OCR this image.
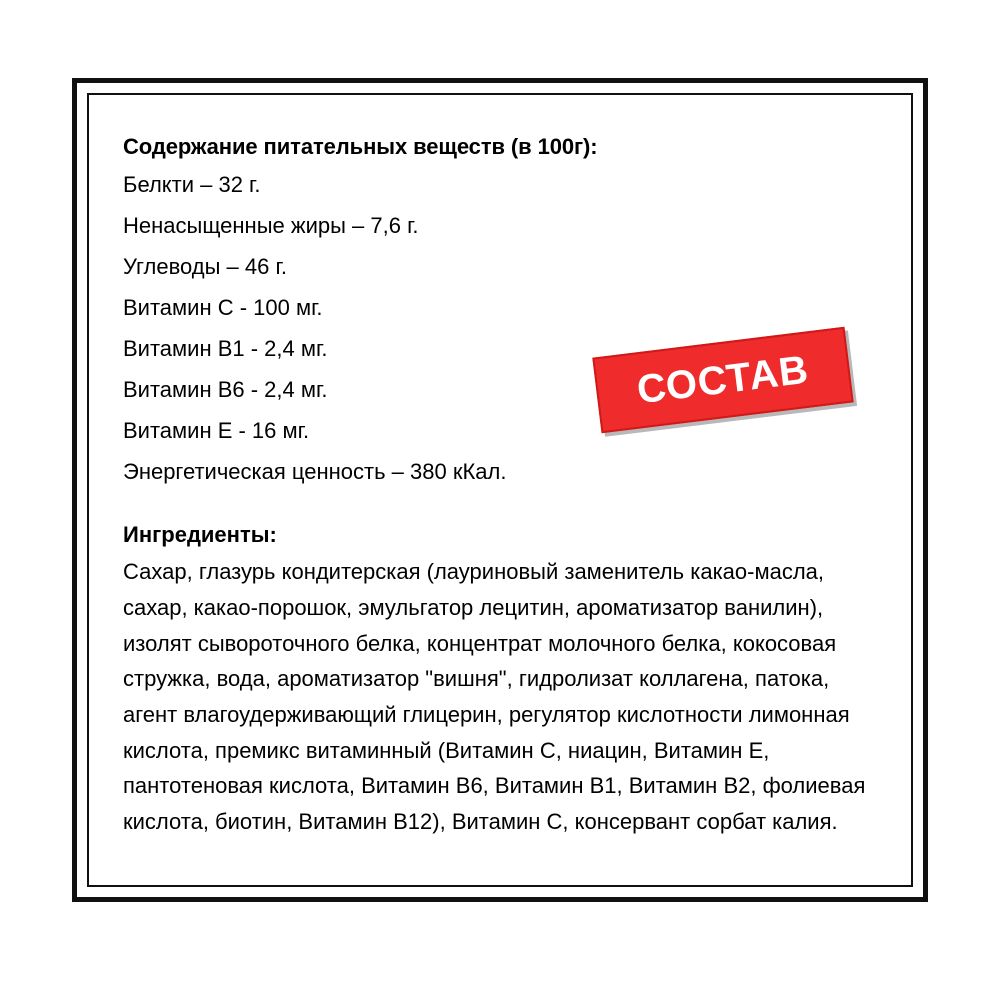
Содержание питательных веществ (в 100г):
Белкти – 32 г.
Ненасыщенные жиры – 7,6 г.
Углеводы – 46 г.
Витамин C - 100 мг.
Витамин B1 - 2,4 мг.
Витамин B6 - 2,4 мг.
Витамин E - 16 мг.
Энергетическая ценность – 380 кКал.
Ингредиенты:

Сахар, глазурь кондитерская (лауриновый заменитель какао-масла, сахар, какао-порошок, эмульгатор лецитин, ароматизатор ванилин), изолят сывороточного белка, концентрат молочного белка, кокосовая стружка, вода, ароматизатор "вишня", гидролизат коллагена, патока, агент влагоудерживающий глицерин, регулятор кислотности лимонная кислота, премикс витаминный (Витамин C, ниацин, Витамин E, пантотеновая кислота, Витамин B6, Витамин B1, Витамин B2, фолиевая кислота, биотин, Витамин B12), Витамин C, консервант сорбат калия.

СОСТАВ
